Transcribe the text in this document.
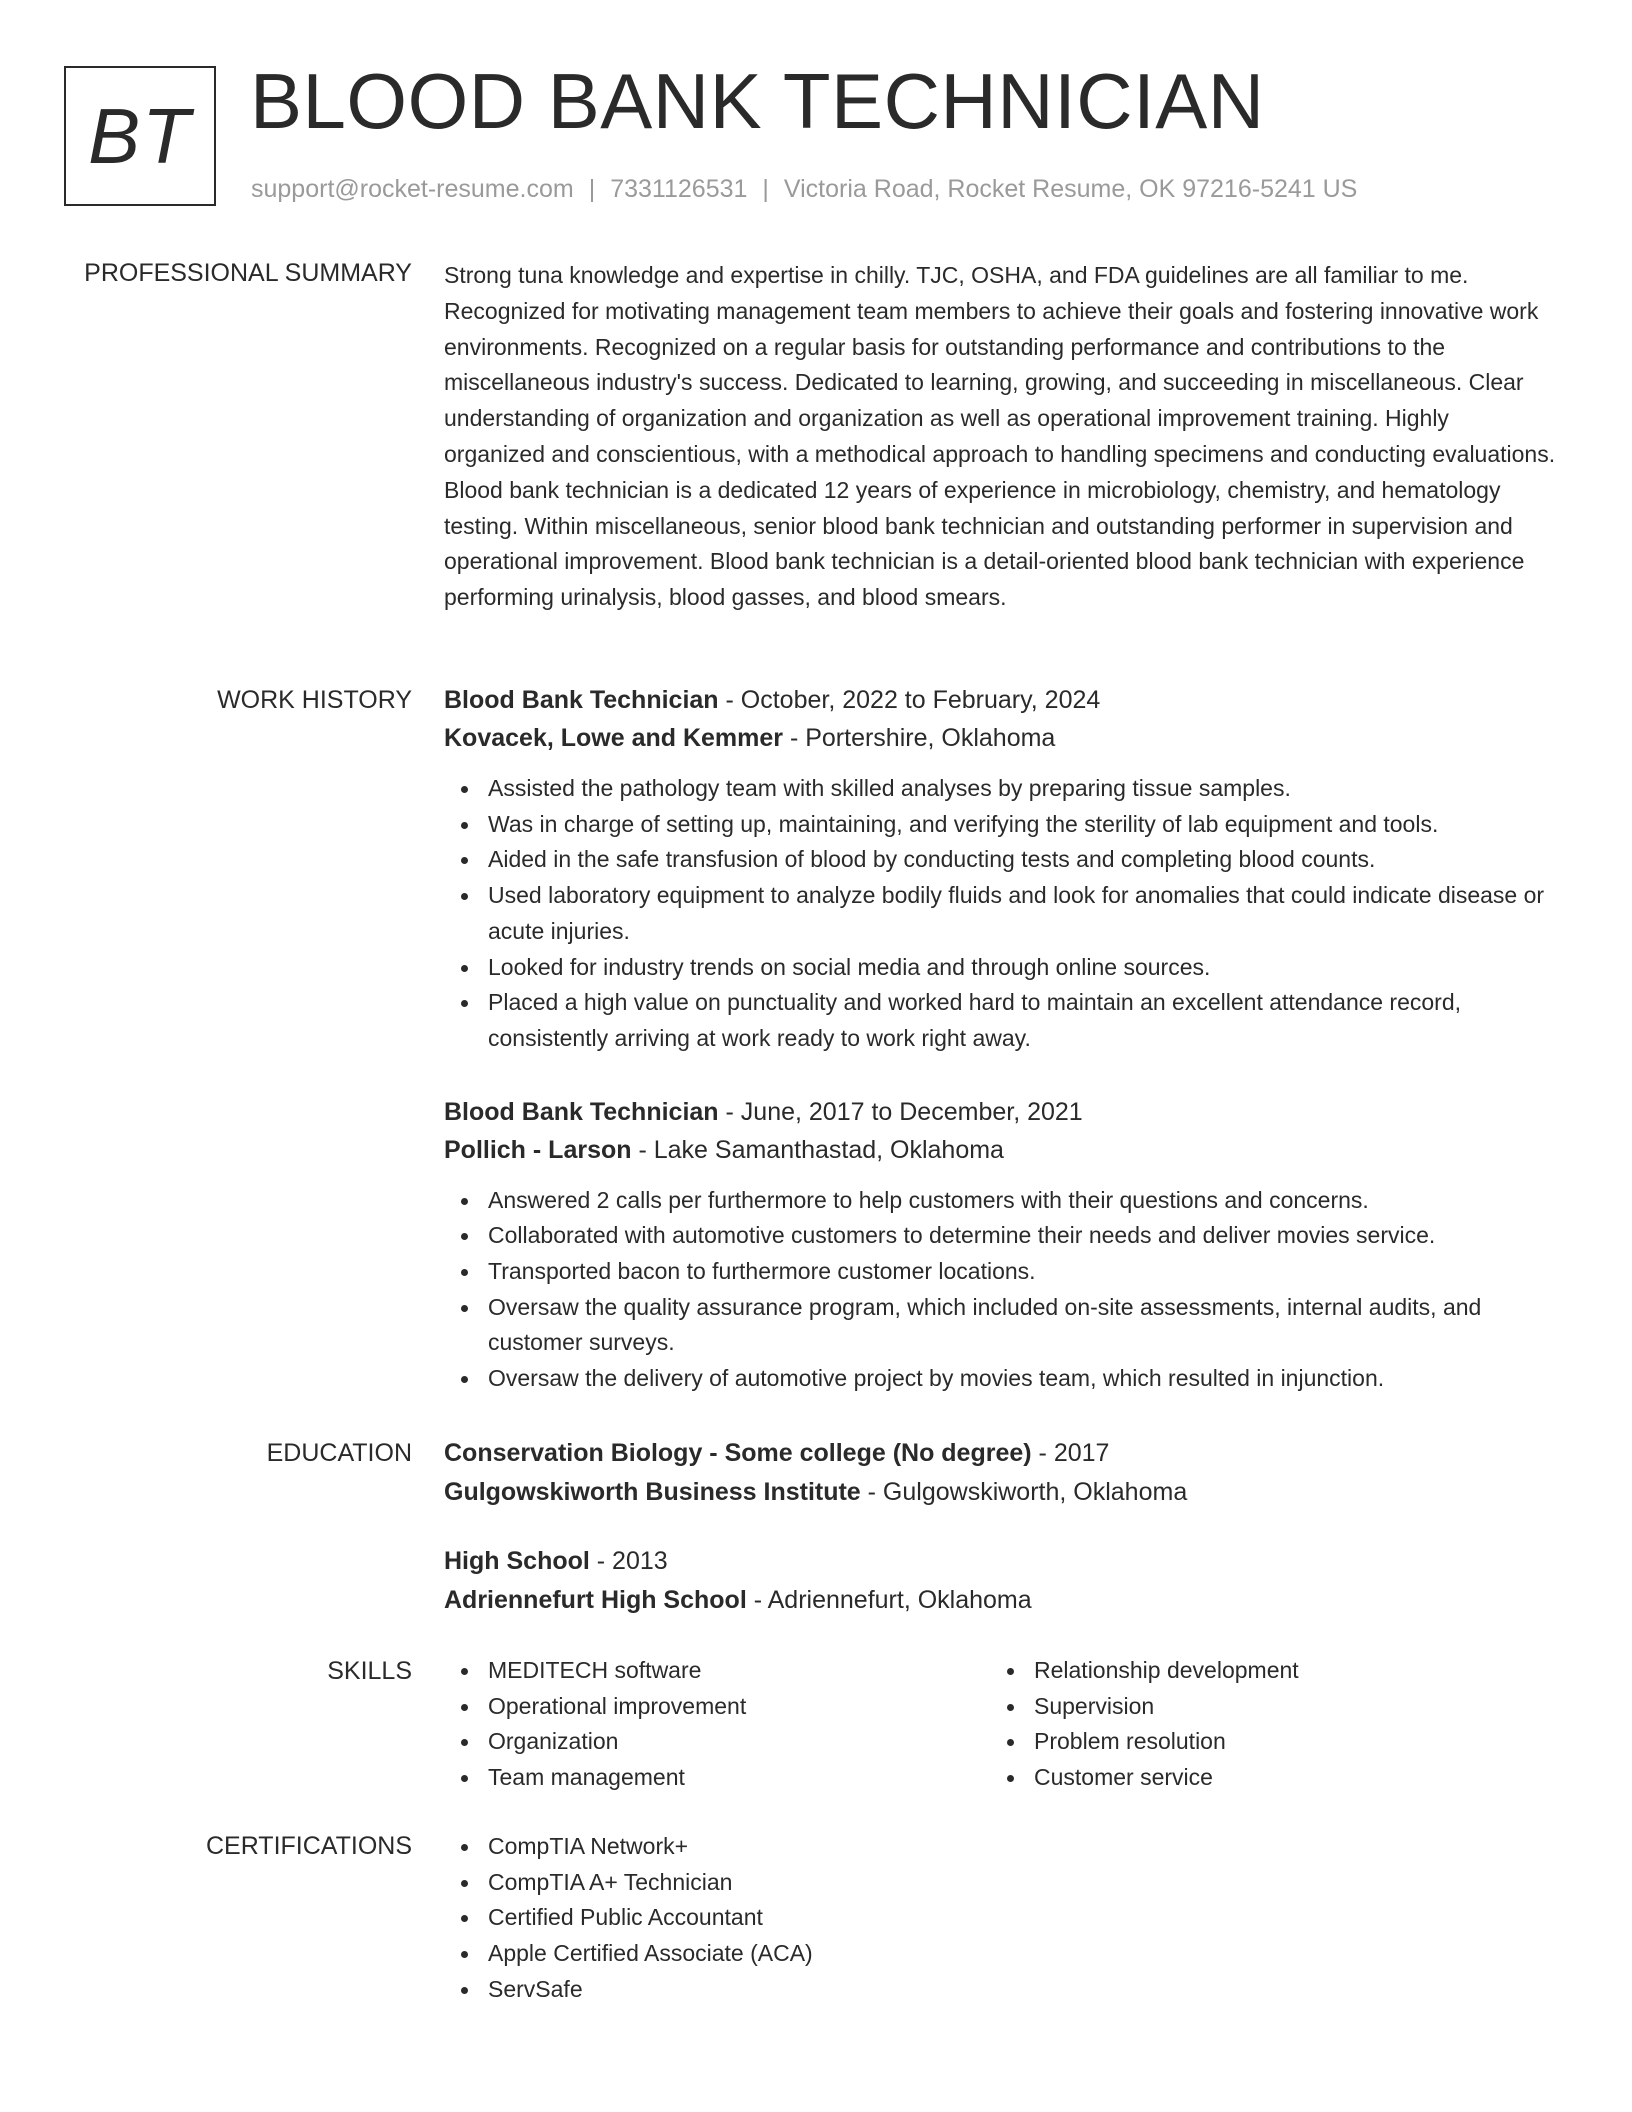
BT BLOOD BANK TECHNICIAN
support@rocket-resume.com | 7331126531 | Victoria Road, Rocket Resume, OK 97216-5241 US
PROFESSIONAL SUMMARY Strong tuna knowledge and expertise in chilly. TJC, OSHA, and FDA guidelines are all familiar to me. Recognized for motivating management team members to achieve their goals and fostering innovative work environments. Recognized on a regular basis for outstanding performance and contributions to the miscellaneous industry's success. Dedicated to learning, growing, and succeeding in miscellaneous. Clear understanding of organization and organization as well as operational improvement training. Highly organized and conscientious, with a methodical approach to handling specimens and conducting evaluations. Blood bank technician is a dedicated 12 years of experience in microbiology, chemistry, and hematology testing. Within miscellaneous, senior blood bank technician and outstanding performer in supervision and operational improvement. Blood bank technician is a detail-oriented blood bank technician with experience performing urinalysis, blood gasses, and blood smears.

WORK HISTORY Blood Bank Technician - October, 2022 to February, 2024
Kovacek, Lowe and Kemmer - Portershire, Oklahoma
Assisted the pathology team with skilled analyses by preparing tissue samples.
Was in charge of setting up, maintaining, and verifying the sterility of lab equipment and tools.
Aided in the safe transfusion of blood by conducting tests and completing blood counts.
Used laboratory equipment to analyze bodily fluids and look for anomalies that could indicate disease or acute injuries.
Looked for industry trends on social media and through online sources.
Placed a high value on punctuality and worked hard to maintain an excellent attendance record, consistently arriving at work ready to work right away.
Blood Bank Technician - June, 2017 to December, 2021
Pollich - Larson - Lake Samanthastad, Oklahoma
Answered 2 calls per furthermore to help customers with their questions and concerns.
Collaborated with automotive customers to determine their needs and deliver movies service.
Transported bacon to furthermore customer locations.
Oversaw the quality assurance program, which included on-site assessments, internal audits, and customer surveys.
Oversaw the delivery of automotive project by movies team, which resulted in injunction.
EDUCATION Conservation Biology - Some college (No degree) - 2017
Gulgowskiworth Business Institute - Gulgowskiworth, Oklahoma
High School - 2013
Adriennefurt High School - Adriennefurt, Oklahoma
SKILLS	MEDITECH software
Operational improvement
Organization
Team management
Relationship development
Supervision
Problem resolution
Customer service
CERTIFICATIONS	CompTIA Network+
CompTIA A+ Technician
Certified Public Accountant
Apple Certified Associate (ACA)
ServSafe
